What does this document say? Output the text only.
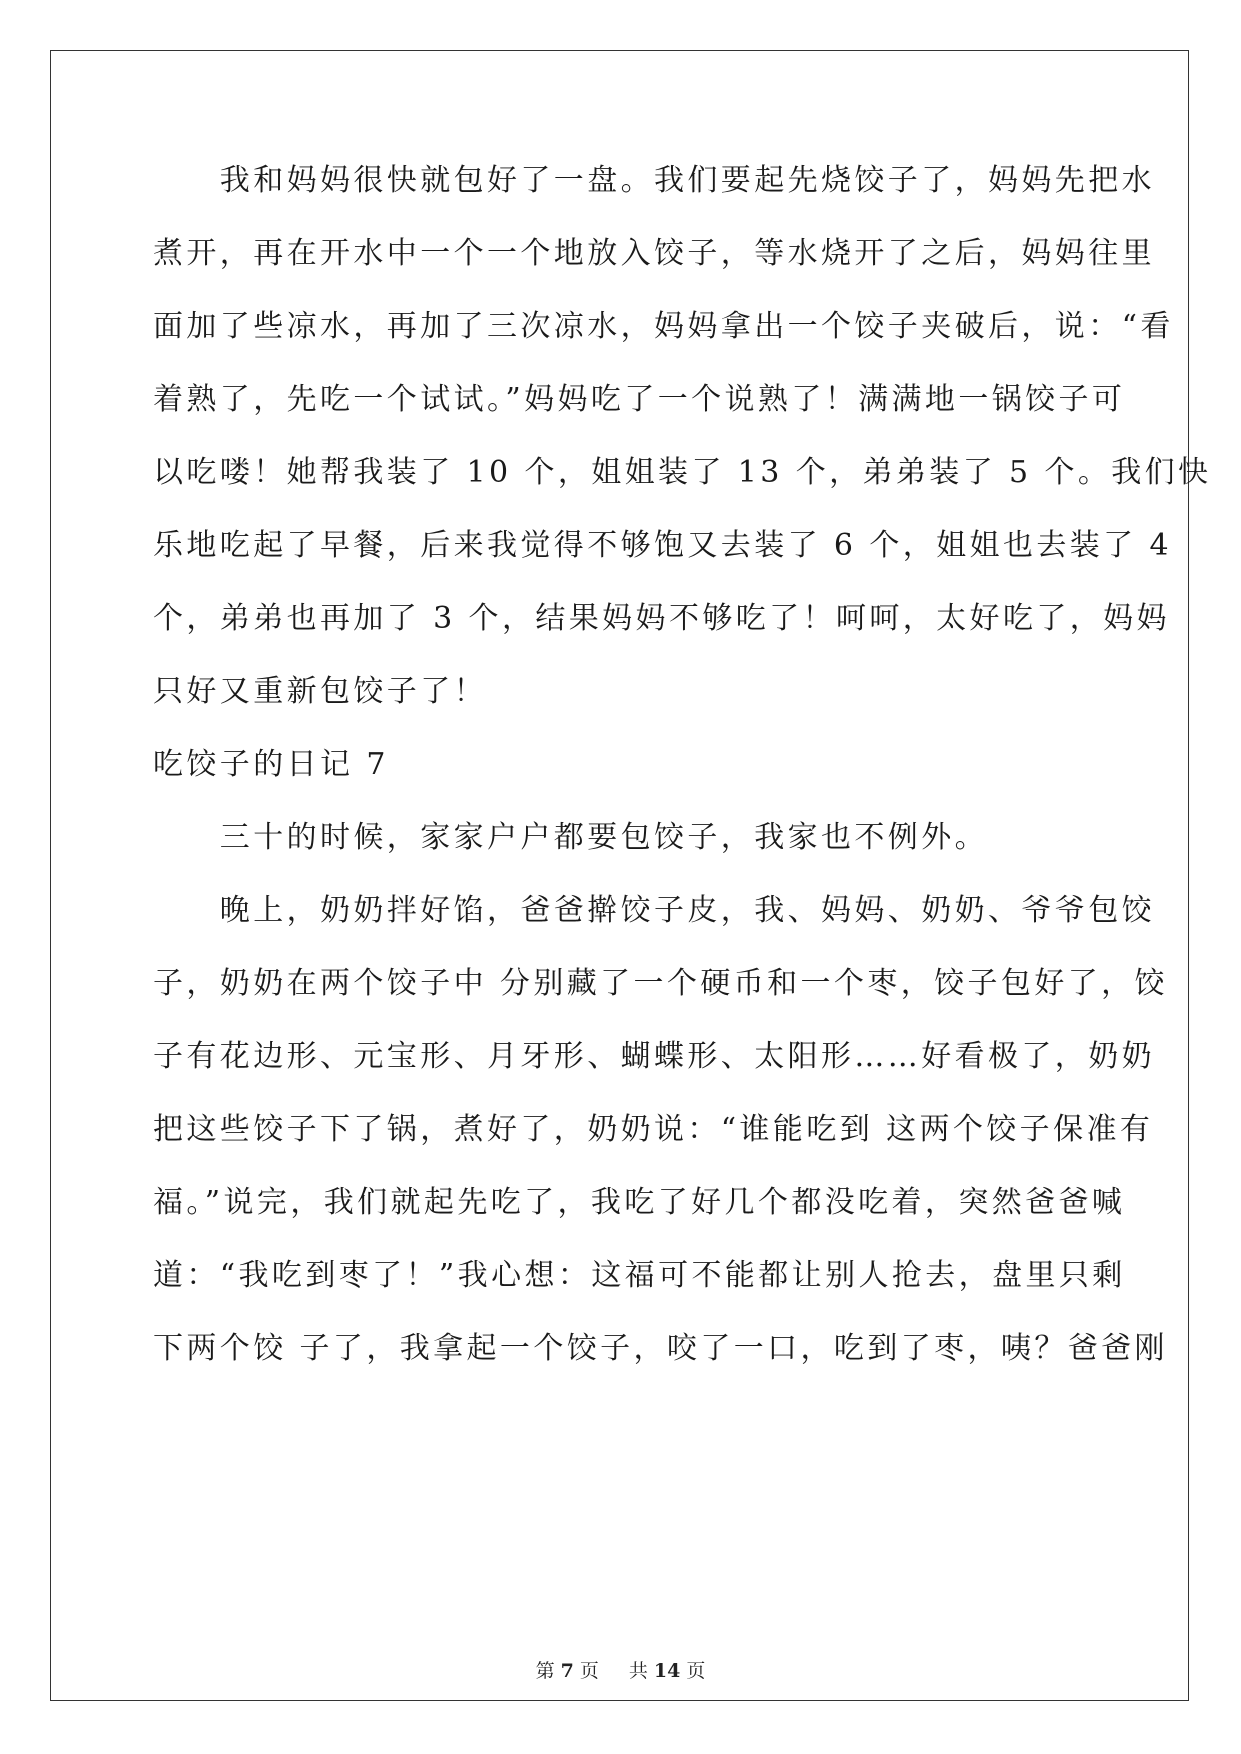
　　我和妈妈很快就包好了一盘。我们要起先烧饺子了，妈妈先把水
煮开，再在开水中一个一个地放入饺子，等水烧开了之后，妈妈往里
面加了些凉水，再加了三次凉水，妈妈拿出一个饺子夹破后，说：“看
着熟了，先吃一个试试。”妈妈吃了一个说熟了！满满地一锅饺子可
以吃喽！她帮我装了 10 个，姐姐装了 13 个，弟弟装了 5 个。我们快
乐地吃起了早餐，后来我觉得不够饱又去装了 6 个，姐姐也去装了 4
个，弟弟也再加了 3 个，结果妈妈不够吃了！呵呵，太好吃了，妈妈
只好又重新包饺子了！
吃饺子的日记 7
　　三十的时候，家家户户都要包饺子，我家也不例外。
　　晚上，奶奶拌好馅，爸爸擀饺子皮，我、妈妈、奶奶、爷爷包饺
子，奶奶在两个饺子中 分别藏了一个硬币和一个枣，饺子包好了，饺
子有花边形、元宝形、月牙形、蝴蝶形、太阳形……好看极了，奶奶
把这些饺子下了锅，煮好了，奶奶说：“谁能吃到 这两个饺子保准有
福。”说完，我们就起先吃了，我吃了好几个都没吃着，突然爸爸喊
道：“我吃到枣了！”我心想：这福可不能都让别人抢去，盘里只剩
下两个饺 子了，我拿起一个饺子，咬了一口，吃到了枣，咦？爸爸刚
第 7 页 共 14 页
